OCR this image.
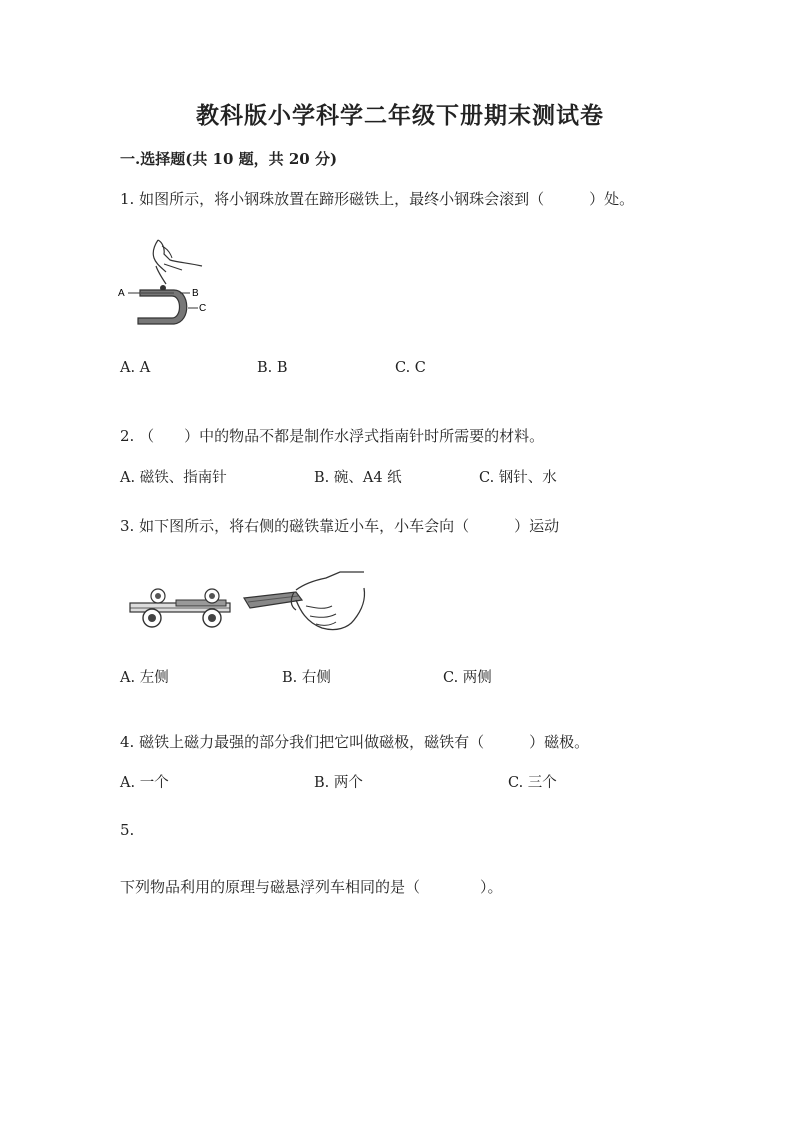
教科版小学科学二年级下册期末测试卷
一.选择题(共 10 题，共 20 分)
1. 如图所示，将小钢珠放置在蹄形磁铁上，最终小钢珠会滚到（　　　）处。
A	B
C
A. A	B. B	C. C
2. （　　）中的物品不都是制作水浮式指南针时所需要的材料。
A. 磁铁、指南针	B. 碗、A4 纸	C. 钢针、水
3. 如下图所示，将右侧的磁铁靠近小车，小车会向（　　　）运动
A. 左侧	B. 右侧	C. 两侧
4. 磁铁上磁力最强的部分我们把它叫做磁极，磁铁有（　　　）磁极。
A. 一个	B. 两个	C. 三个
5.
下列物品利用的原理与磁悬浮列车相同的是（　　　　）。
